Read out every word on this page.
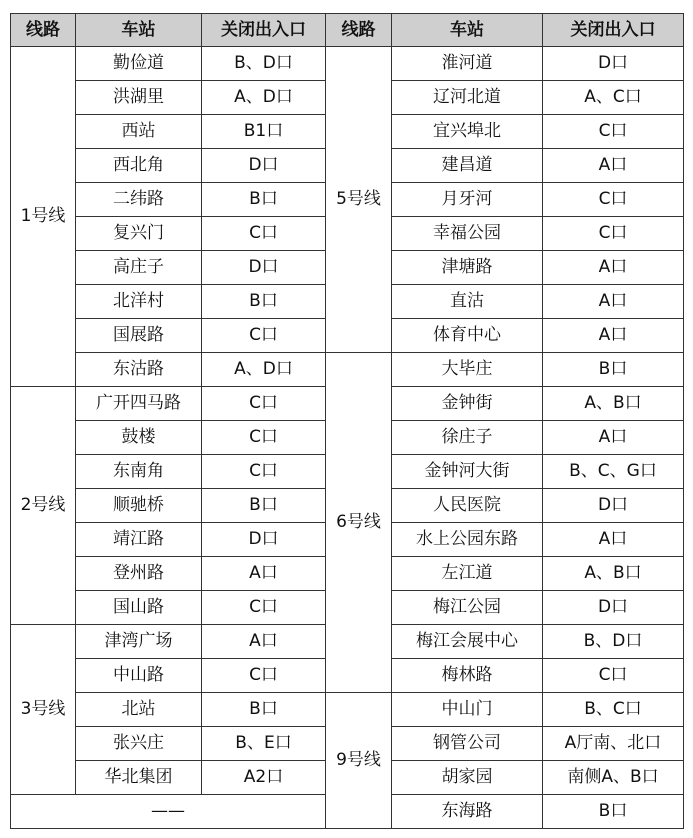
线路	车站	关闭出入口	线路	车站	关闭出入口
1号线	勤俭道	B、D口	5号线	淮河道	D口
	洪湖里	A、D口		辽河北道	A、C口
	西站	B1口		宜兴埠北	C口
	西北角	D口		建昌道	A口
	二纬路	B口		月牙河	C口
	复兴门	C口		幸福公园	C口
	高庄子	D口		津塘路	A口
	北洋村	B口		直沽	A口
	国展路	C口		体育中心	A口
	东沽路	A、D口	6号线	大毕庄	B口
2号线	广开四马路	C口		金钟街	A、B口
	鼓楼	C口		徐庄子	A口
	东南角	C口		金钟河大街	B、C、G口
	顺驰桥	B口		人民医院	D口
	靖江路	D口		水上公园东路	A口
	登州路	A口		左江道	A、B口
	国山路	C口		梅江公园	D口
3号线	津湾广场	A口		梅江会展中心	B、D口
	中山路	C口		梅林路	C口
	北站	B口	9号线	中山门	B、C口
	张兴庄	B、E口		钢管公司	A厅南、北口
	华北集团	A2口		胡家园	南侧A、B口
——				东海路	B口
